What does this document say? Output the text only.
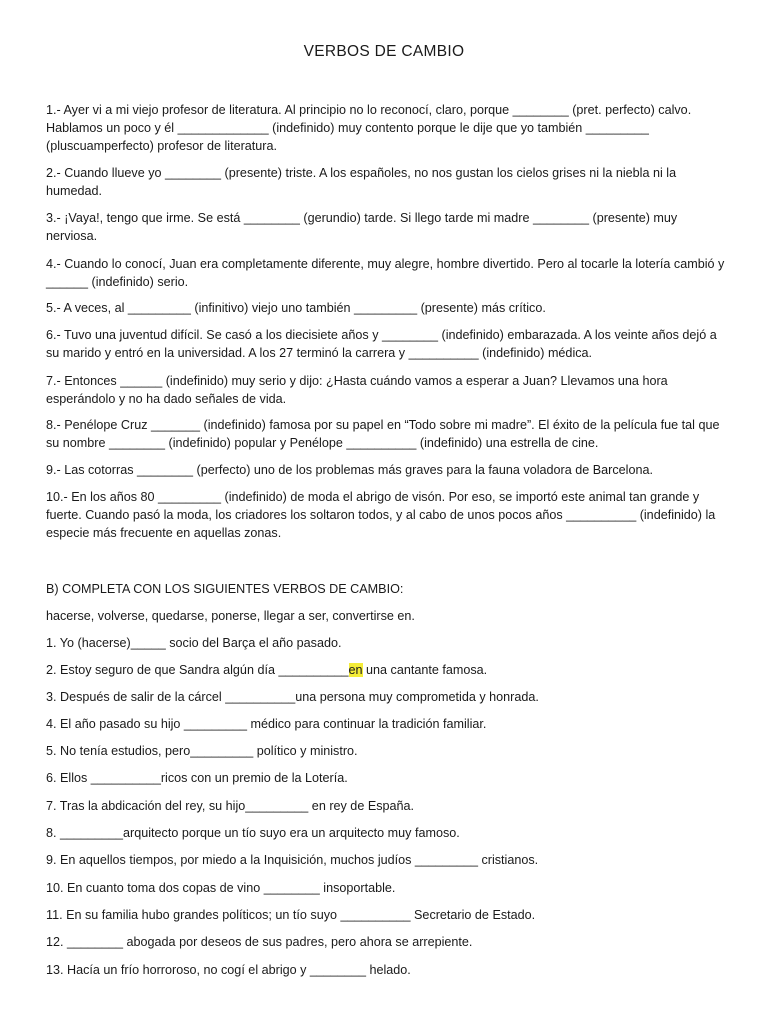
VERBOS DE CAMBIO
1.- Ayer vi a mi viejo profesor de literatura. Al principio no lo reconocí, claro, porque ________ (pret. perfecto) calvo. Hablamos un poco y él _____________ (indefinido) muy contento porque le dije que yo también _________ (pluscuamperfecto) profesor de literatura.
2.- Cuando llueve yo ________ (presente) triste. A los españoles, no nos gustan los cielos grises ni la niebla ni la humedad.
3.- ¡Vaya!, tengo que irme. Se está ________ (gerundio) tarde. Si llego tarde mi madre ________ (presente) muy nerviosa.
4.- Cuando lo conocí, Juan era completamente diferente, muy alegre, hombre divertido. Pero al tocarle la lotería cambió y ______ (indefinido) serio.
5.- A veces, al _________ (infinitivo) viejo uno también _________ (presente) más crítico.
6.- Tuvo una juventud difícil. Se casó a los diecisiete años y ________ (indefinido) embarazada. A los veinte años dejó a su marido y entró en la universidad. A los 27 terminó la carrera y __________ (indefinido) médica.
7.- Entonces ______ (indefinido) muy serio y dijo: ¿Hasta cuándo vamos a esperar a Juan? Llevamos una hora esperándolo y no ha dado señales de vida.
8.- Penélope Cruz _______ (indefinido) famosa por su papel en “Todo sobre mi madre”. El éxito de la película fue tal que su nombre ________ (indefinido) popular y Penélope __________ (indefinido) una estrella de cine.
9.- Las cotorras ________ (perfecto) uno de los problemas más graves para la fauna voladora de Barcelona.
10.- En los años 80 _________ (indefinido) de moda el abrigo de visón. Por eso, se importó este animal tan grande y fuerte. Cuando pasó la moda, los criadores los soltaron todos, y al cabo de unos pocos años __________ (indefinido) la especie más frecuente en aquellas zonas.
B) COMPLETA CON LOS SIGUIENTES VERBOS DE CAMBIO:
hacerse, volverse, quedarse, ponerse, llegar a ser, convertirse en.
1. Yo (hacerse)_____ socio del Barça el año pasado.
2. Estoy seguro de que Sandra algún día __________en una cantante famosa.
3. Después de salir de la cárcel __________una persona muy comprometida y honrada.
4. El año pasado su hijo _________ médico para continuar la tradición familiar.
5. No tenía estudios, pero_________ político y ministro.
6. Ellos __________ricos con un premio de la Lotería.
7. Tras la abdicación del rey, su hijo_________ en rey de España.
8. _________arquitecto porque un tío suyo era un arquitecto muy famoso.
9. En aquellos tiempos, por miedo a la Inquisición, muchos judíos _________ cristianos.
10. En cuanto toma dos copas de vino ________ insoportable.
11. En su familia hubo grandes políticos; un tío suyo __________ Secretario de Estado.
12. ________ abogada por deseos de sus padres, pero ahora se arrepiente.
13. Hacía un frío horroroso, no cogí el abrigo y ________ helado.
